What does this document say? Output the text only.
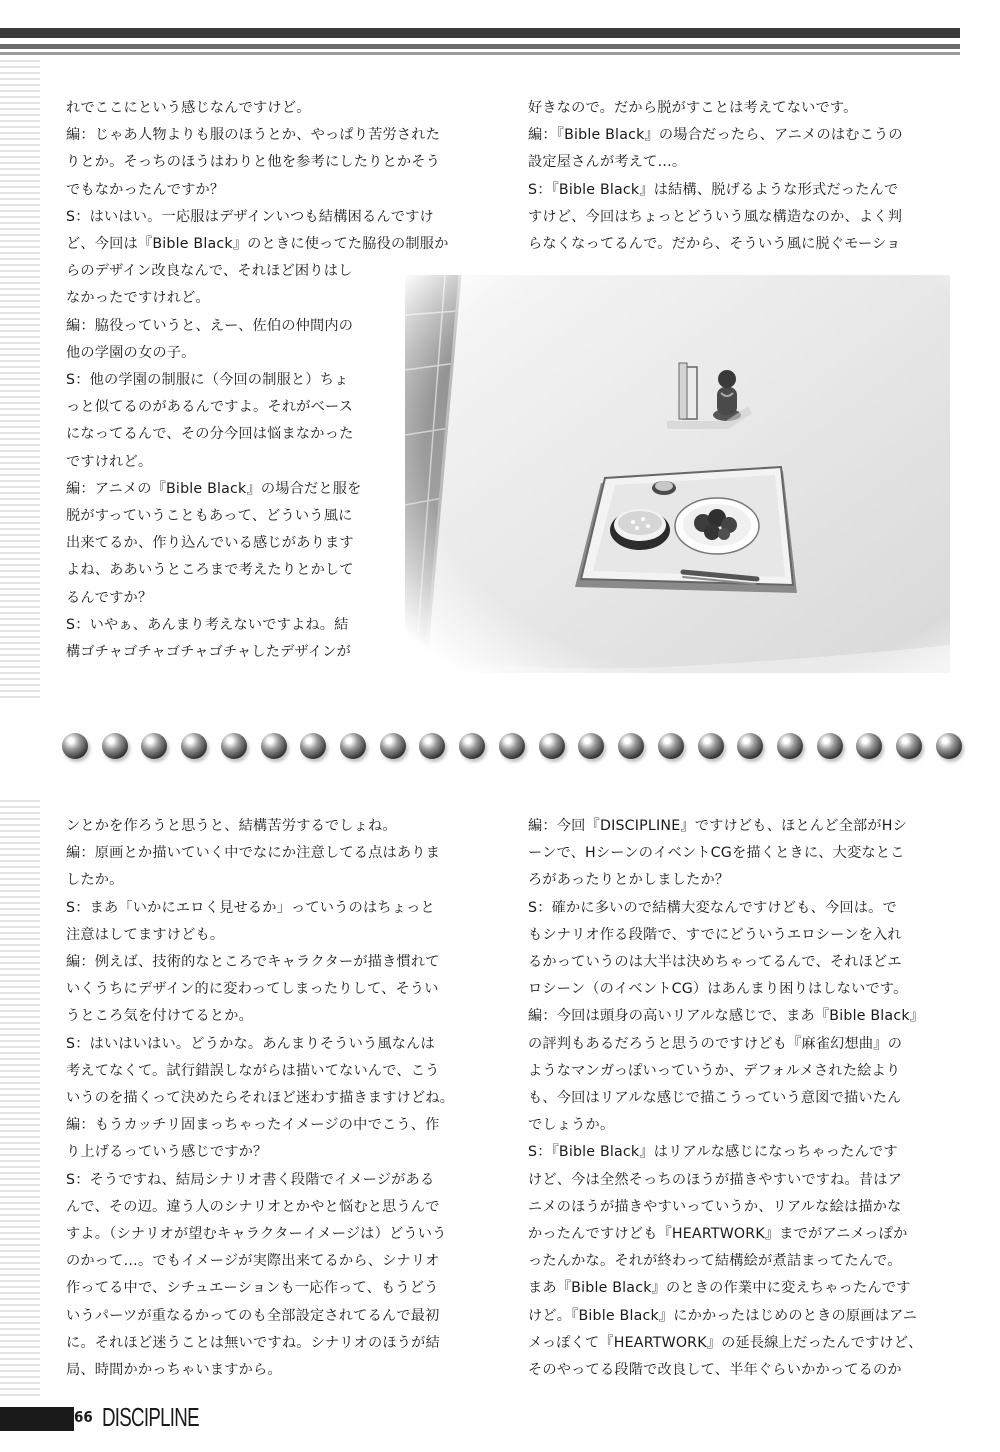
れでここにという感じなんですけど。

編：じゃあ人物よりも服のほうとか、やっぱり苦労された

りとか。そっちのほうはわりと他を参考にしたりとかそう

でもなかったんですか？

S：はいはい。一応服はデザインいつも結構困るんですけ

ど、今回は『Bible Black』のときに使ってた脇役の制服か

らのデザイン改良なんで、それほど困りはし

なかったですけれど。

編：脇役っていうと、えー、佐伯の仲間内の

他の学園の女の子。

S：他の学園の制服に（今回の制服と）ちょ

っと似てるのがあるんですよ。それがベース

になってるんで、その分今回は悩まなかった

ですけれど。

編：アニメの『Bible Black』の場合だと服を

脱がすっていうこともあって、どういう風に

出来てるか、作り込んでいる感じがあります

よね、ああいうところまで考えたりとかして

るんですか？

S：いやぁ、あんまり考えないですよね。結

構ゴチャゴチャゴチャゴチャしたデザインが

好きなので。だから脱がすことは考えてないです。

編：『Bible Black』の場合だったら、アニメのはむこうの

設定屋さんが考えて…。

S：『Bible Black』は結構、脱げるような形式だったんで

すけど、今回はちょっとどういう風な構造なのか、よく判

らなくなってるんで。だから、そういう風に脱ぐモーショ

ンとかを作ろうと思うと、結構苦労するでしょね。

編：原画とか描いていく中でなにか注意してる点はありま

したか。

S：まあ「いかにエロく見せるか」っていうのはちょっと

注意はしてますけども。

編：例えば、技術的なところでキャラクターが描き慣れて

いくうちにデザイン的に変わってしまったりして、そうい

うところ気を付けてるとか。

S：はいはいはい。どうかな。あんまりそういう風なんは

考えてなくて。試行錯誤しながらは描いてないんで、こう

いうのを描くって決めたらそれほど迷わす描きますけどね。

編：もうカッチリ固まっちゃったイメージの中でこう、作

り上げるっていう感じですか？

S：そうですね、結局シナリオ書く段階でイメージがある

んで、その辺。違う人のシナリオとかやと悩むと思うんで

すよ。（シナリオが望むキャラクターイメージは）どういう

のかって…。でもイメージが実際出来てるから、シナリオ

作ってる中で、シチュエーションも一応作って、もうどう

いうパーツが重なるかってのも全部設定されてるんで最初

に。それほど迷うことは無いですね。シナリオのほうが結

局、時間かかっちゃいますから。

編：今回『DISCIPLINE』ですけども、ほとんど全部がHシ

ーンで、HシーンのイベントCGを描くときに、大変なとこ

ろがあったりとかしましたか？

S：確かに多いので結構大変なんですけども、今回は。で

もシナリオ作る段階で、すでにどういうエロシーンを入れ

るかっていうのは大半は決めちゃってるんで、それほどエ

ロシーン（のイベントCG）はあんまり困りはしないです。

編：今回は頭身の高いリアルな感じで、まあ『Bible Black』

の評判もあるだろうと思うのですけども『麻雀幻想曲』の

ようなマンガっぽいっていうか、デフォルメされた絵より

も、今回はリアルな感じで描こうっていう意図で描いたん

でしょうか。

S：『Bible Black』はリアルな感じになっちゃったんです

けど、今は全然そっちのほうが描きやすいですね。昔はア

ニメのほうが描きやすいっていうか、リアルな絵は描かな

かったんですけども『HEARTWORK』までがアニメっぽか

ったんかな。それが終わって結構絵が煮詰まってたんで。

まあ『Bible Black』のときの作業中に変えちゃったんです

けど。『Bible Black』にかかったはじめのときの原画はアニ

メっぽくて『HEARTWORK』の延長線上だったんですけど、

そのやってる段階で改良して、半年ぐらいかかってるのか

66 DISCIPLINE
